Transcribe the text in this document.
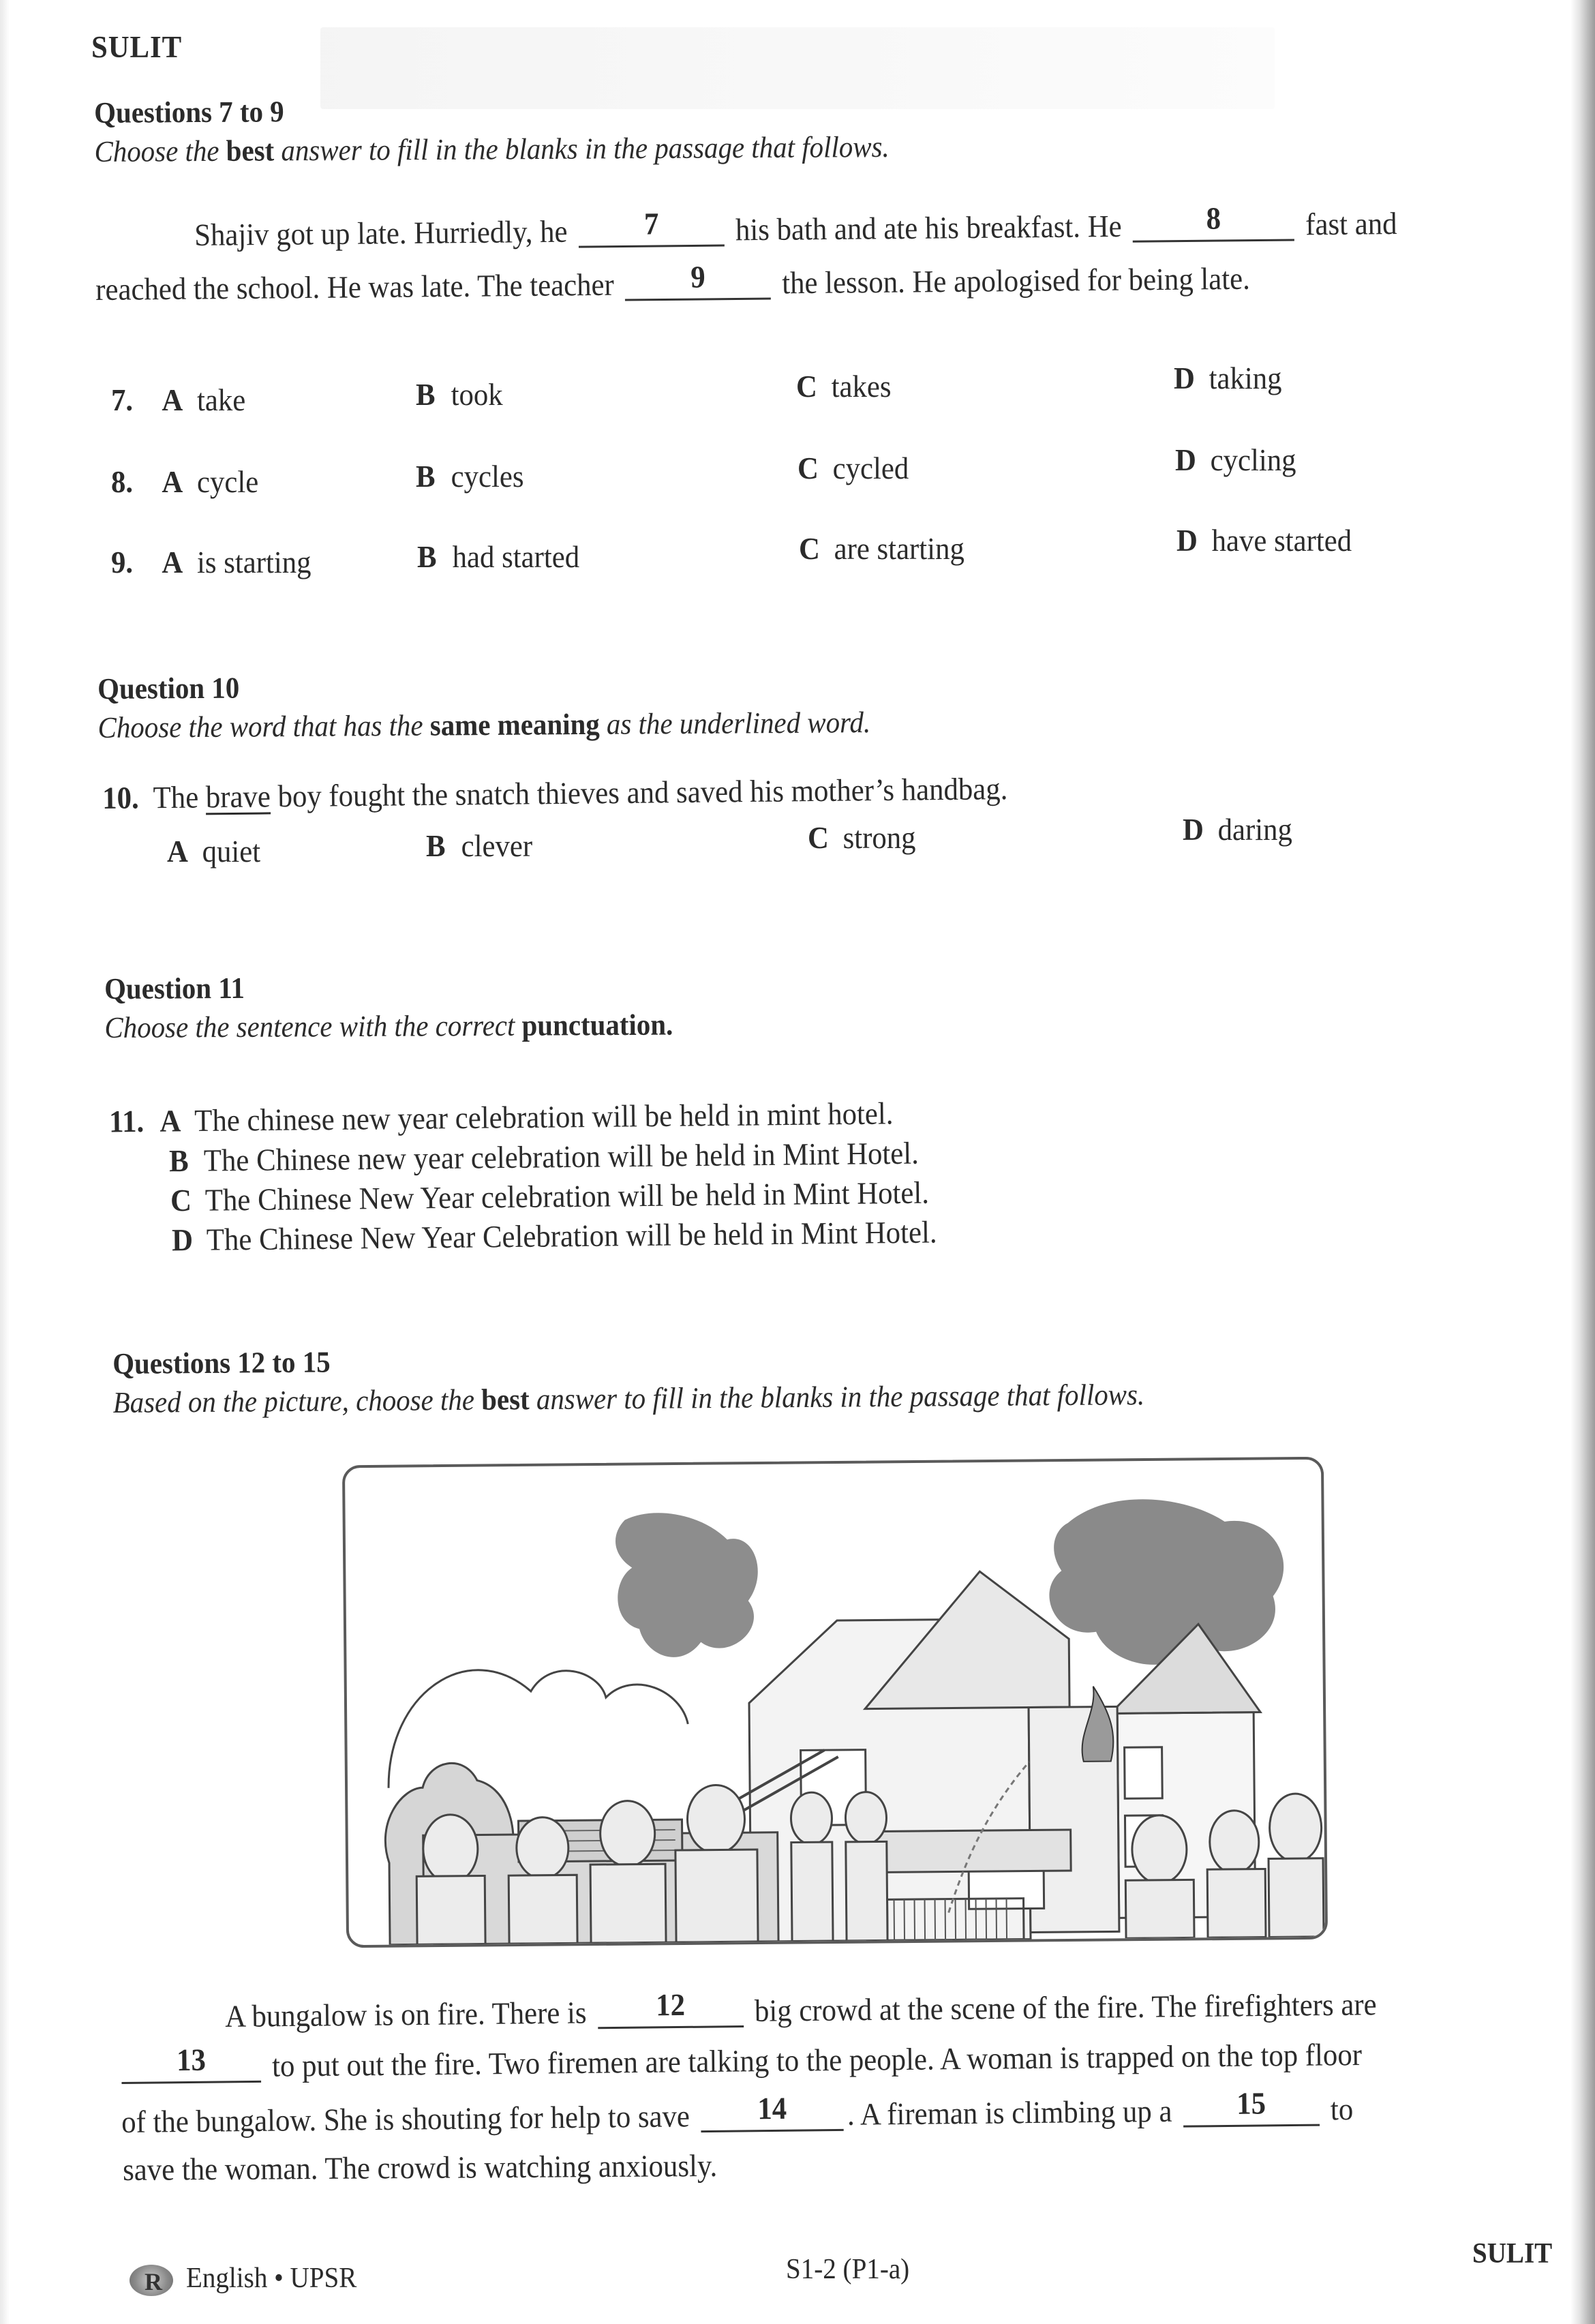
SULIT
Questions 7 to 9
Choose the best answer to fill in the blanks in the passage that follows.
Shajiv got up late. Hurriedly, he 7 his bath and ate his breakfast. He	8	fast and
reached the school. He was late. The teacher 9 the lesson. He apologised for being late.
7. A take	B took	C takes	D taking
8. A cycle	B cycles	C cycled	D cycling
9. A is starting	B had started	C are starting	D have started
Question 10
Choose the word that has the same meaning as the underlined word.
10. The brave boy fought the snatch thieves and saved his mother’s handbag.
A quiet	B clever	C strong	D daring
Question 11
Choose the sentence with the correct punctuation.
11. A The chinese new year celebration will be held in mint hotel.
B The Chinese new year celebration will be held in Mint Hotel.
C The Chinese New Year celebration will be held in Mint Hotel.
D The Chinese New Year Celebration will be held in Mint Hotel.
Questions 12 to 15
Based on the picture, choose the best answer to fill in the blanks in the passage that follows.
A bungalow is on fire. There is 12 big crowd at the scene of the fire. The firefighters are
13 to put out the fire. Two firemen are talking to the people. A woman is trapped on the top floor
of the bungalow. She is shouting for help to save 14 . A fireman is climbing up a 15 to
save the woman. The crowd is watching anxiously.
R English • UPSR	S1-2 (P1-a)	SULIT
